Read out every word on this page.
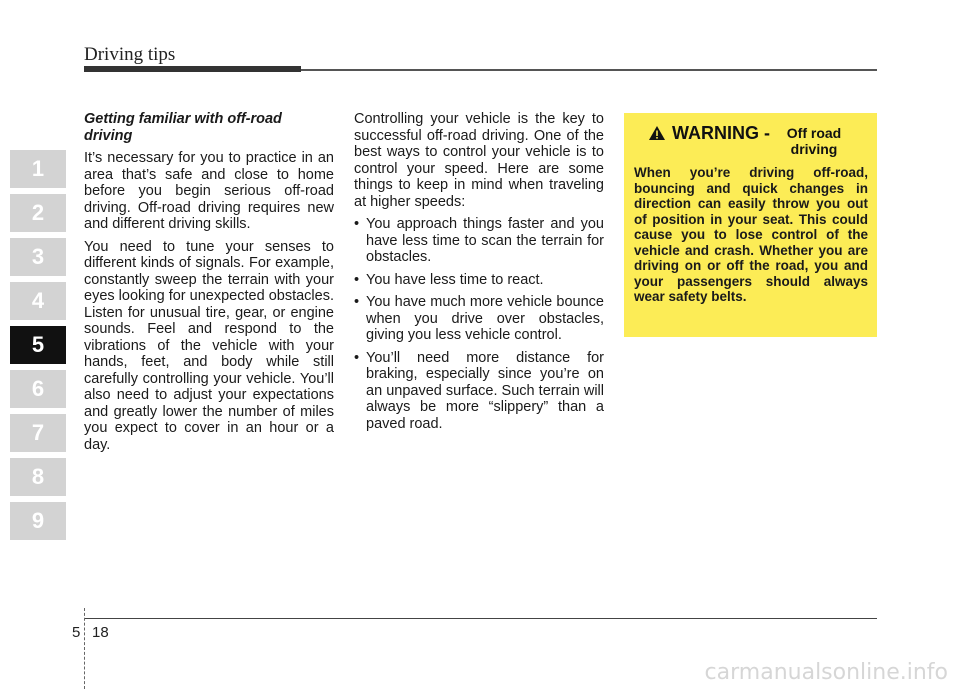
Driving tips
1
2
3
4
5
6
7
8
9

Getting familiar with off-road driving

It’s necessary for you to practice in an area that’s safe and close to home before you begin serious off-road driving. Off-road driving requires new and different driving skills.

You need to tune your senses to different kinds of signals. For example, constantly sweep the terrain with your eyes looking for unexpected obstacles. Listen for unusual tire, gear, or engine sounds. Feel and respond to the vibrations of the vehicle with your hands, feet, and body while still carefully controlling your vehicle. You’ll also need to adjust your expectations and greatly lower the number of miles you expect to cover in an hour or a day.

Controlling your vehicle is the key to successful off-road driving. One of the best ways to control your vehicle is to control your speed. Here are some things to keep in mind when traveling at higher speeds:

• You approach things faster and you have less time to scan the terrain for obstacles.
• You have less time to react.
• You have much more vehicle bounce when you drive over obstacles, giving you less vehicle control.
• You’ll need more distance for braking, especially since you’re on an unpaved surface. Such terrain will always be more “slippery” than a paved road.
WARNING -	Off road driving
When you’re driving off-road, bouncing and quick changes in direction can easily throw you out of position in your seat. This could cause you to lose control of the vehicle and crash. Whether you are driving on or off the road, you and your passengers should always wear safety belts.
5 18
carmanualsonline.info
